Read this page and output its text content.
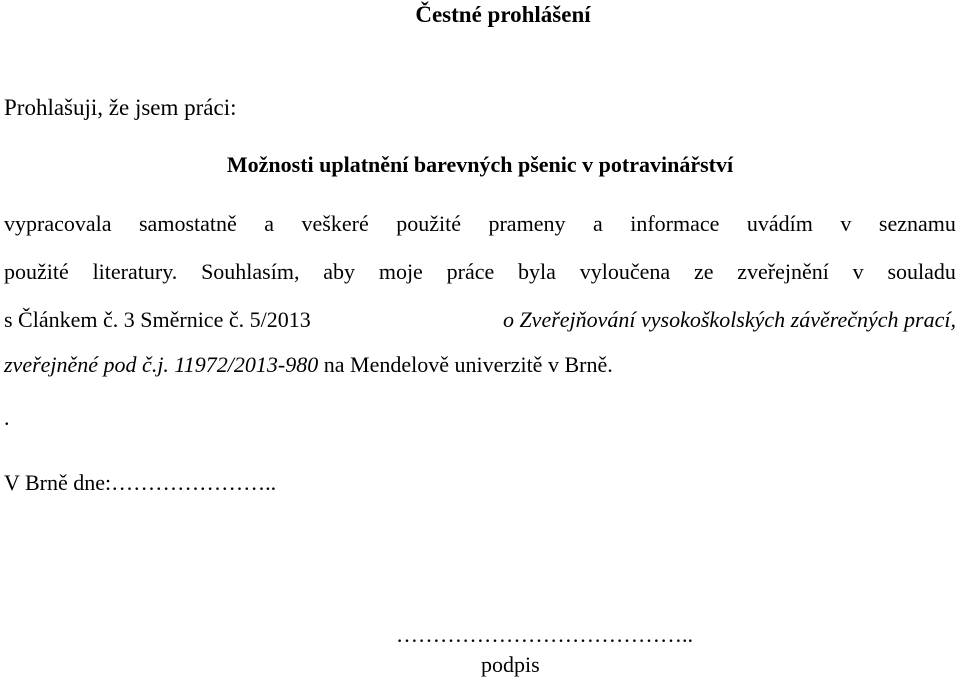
Čestné prohlášení
Prohlašuji, že jsem práci:
Možnosti uplatnění barevných pšenic v potravinářství
vypracovala samostatně a veškeré použité prameny a informace uvádím v seznamu
použité literatury. Souhlasím, aby moje práce byla vyloučena ze zveřejnění v souladu
s Článkem č. 3 Směrnice č. 5/2013	o Zveřejňování vysokoškolských závěrečných prací,
zveřejněné pod č.j. 11972/2013-980 na Mendelově univerzitě v Brně.
.
V Brně dne:…………………..
…………………………………..
podpis
